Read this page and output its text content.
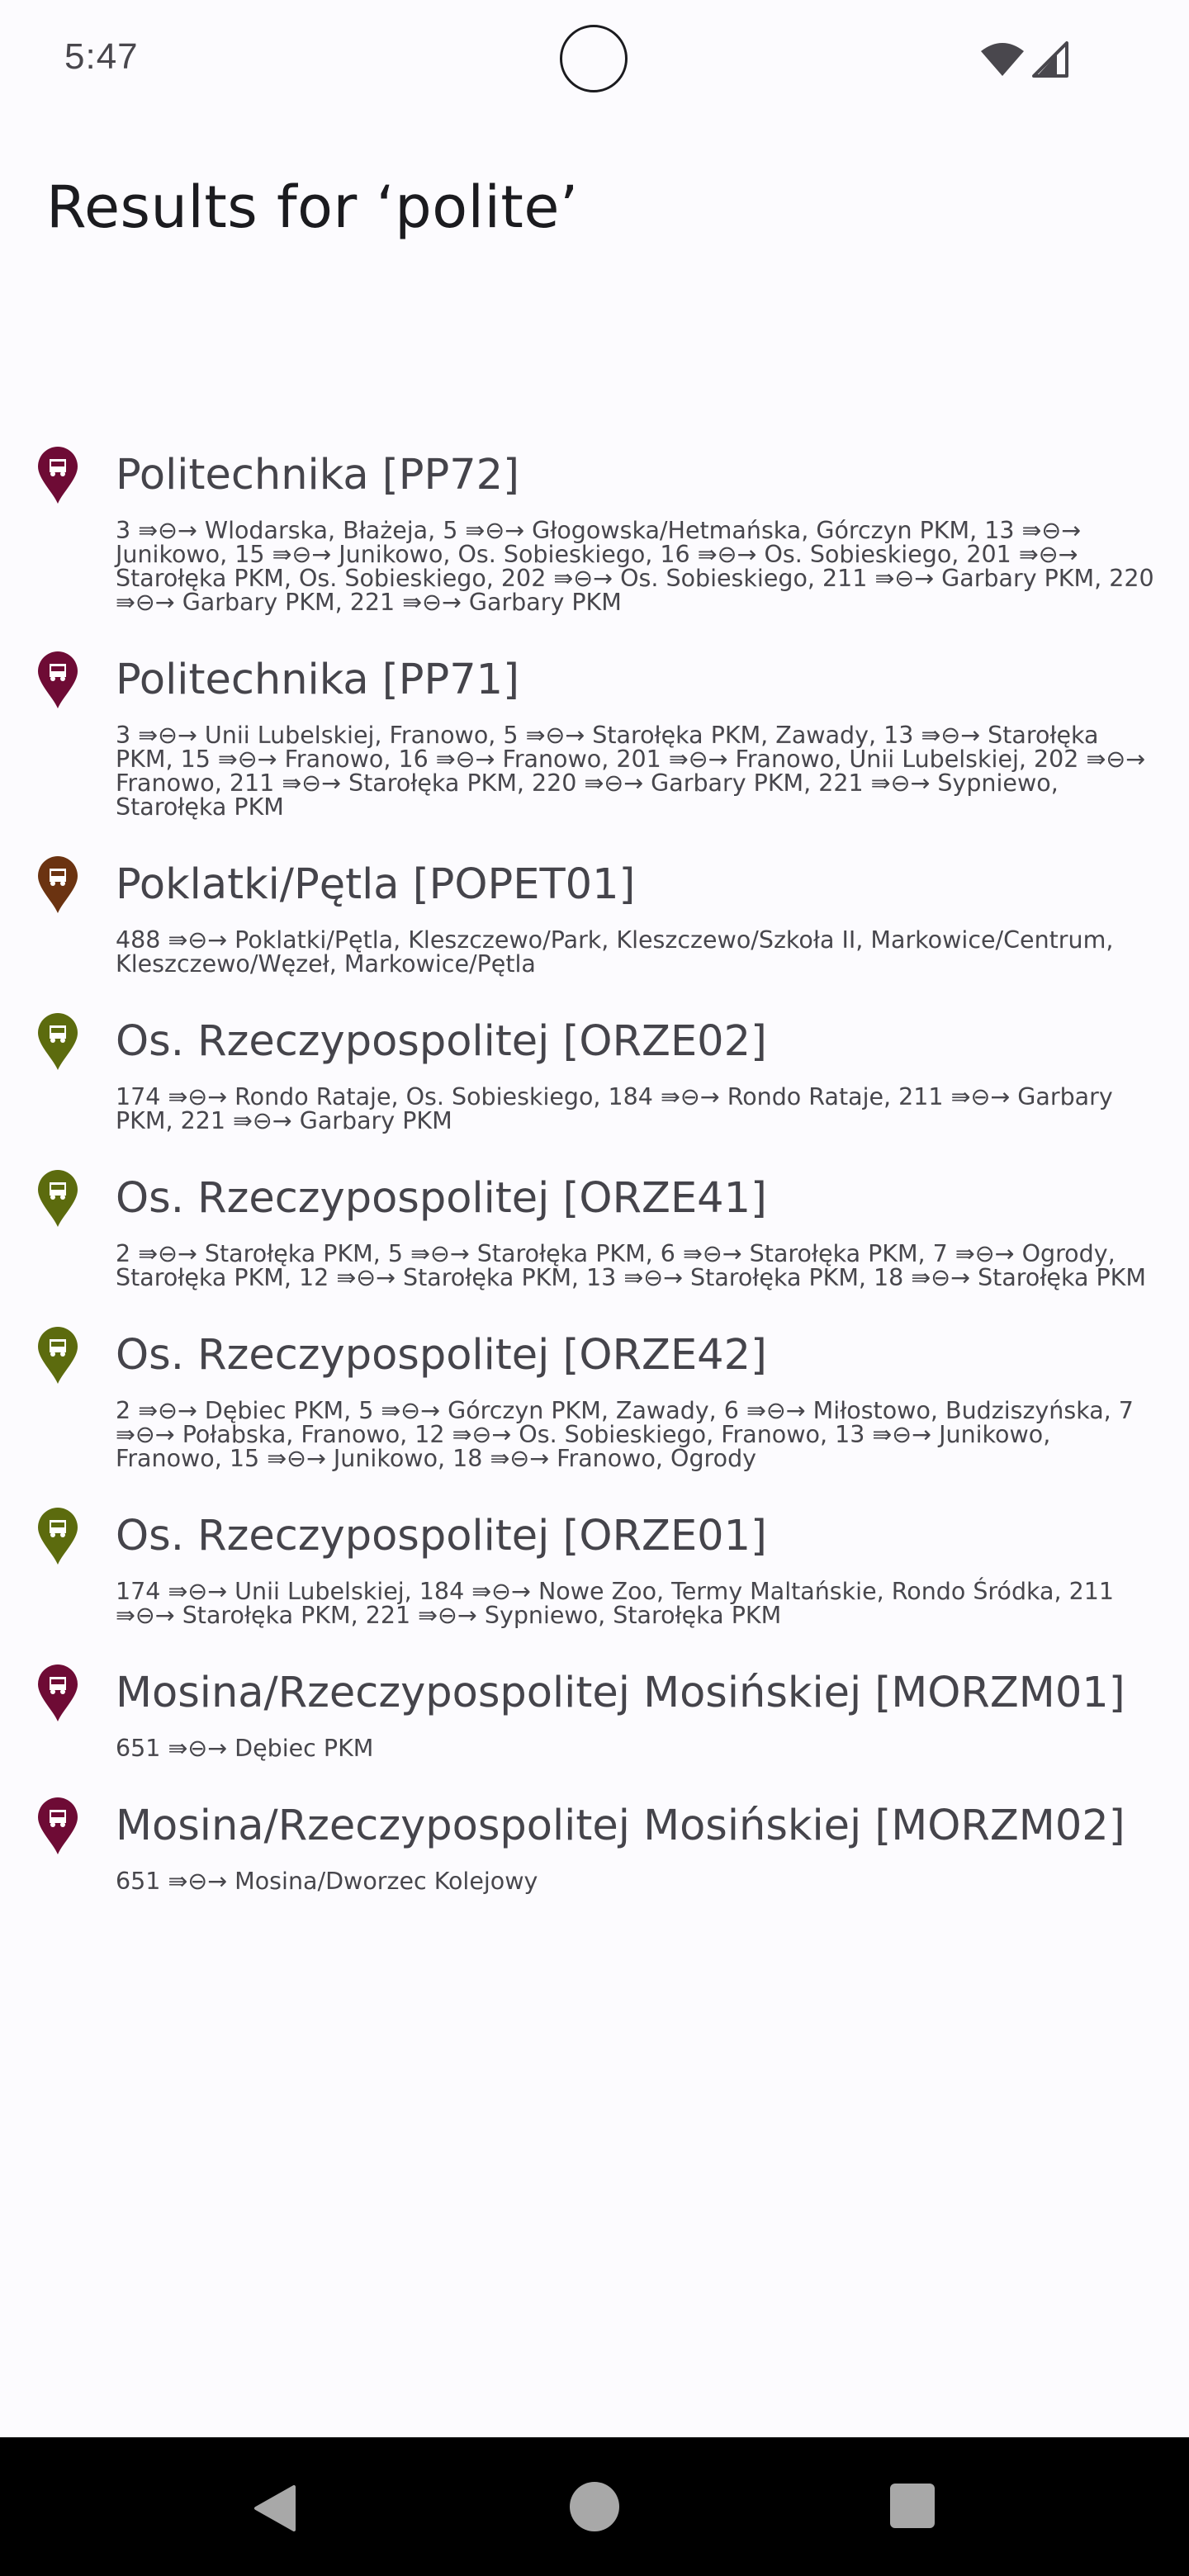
5:47
Results for ‘polite’
Politechnika [PP72]

3 ⇛⊖→ Wlodarska, Błażeja, 5 ⇛⊖→ Głogowska/Hetmańska, Górczyn PKM, 13 ⇛⊖→ Junikowo, 15 ⇛⊖→ Junikowo, Os. Sobieskiego, 16 ⇛⊖→ Os. Sobieskiego, 201 ⇛⊖→ Starołęka PKM, Os. Sobieskiego, 202 ⇛⊖→ Os. Sobieskiego, 211 ⇛⊖→ Garbary PKM, 220 ⇛⊖→ Garbary PKM, 221 ⇛⊖→ Garbary PKM

Politechnika [PP71]

3 ⇛⊖→ Unii Lubelskiej, Franowo, 5 ⇛⊖→ Starołęka PKM, Zawady, 13 ⇛⊖→ Starołęka PKM, 15 ⇛⊖→ Franowo, 16 ⇛⊖→ Franowo, 201 ⇛⊖→ Franowo, Unii Lubelskiej, 202 ⇛⊖→ Franowo, 211 ⇛⊖→ Starołęka PKM, 220 ⇛⊖→ Garbary PKM, 221 ⇛⊖→ Sypniewo, Starołęka PKM

Poklatki/Pętla [POPET01]

488 ⇛⊖→ Poklatki/Pętla, Kleszczewo/Park, Kleszczewo/Szkoła II, Markowice/Centrum, Kleszczewo/Węzeł, Markowice/Pętla

Os. Rzeczypospolitej [ORZE02]

174 ⇛⊖→ Rondo Rataje, Os. Sobieskiego, 184 ⇛⊖→ Rondo Rataje, 211 ⇛⊖→ Garbary PKM, 221 ⇛⊖→ Garbary PKM

Os. Rzeczypospolitej [ORZE41]

2 ⇛⊖→ Starołęka PKM, 5 ⇛⊖→ Starołęka PKM, 6 ⇛⊖→ Starołęka PKM, 7 ⇛⊖→ Ogrody, Starołęka PKM, 12 ⇛⊖→ Starołęka PKM, 13 ⇛⊖→ Starołęka PKM, 18 ⇛⊖→ Starołęka PKM

Os. Rzeczypospolitej [ORZE42]

2 ⇛⊖→ Dębiec PKM, 5 ⇛⊖→ Górczyn PKM, Zawady, 6 ⇛⊖→ Miłostowo, Budziszyńska, 7 ⇛⊖→ Połabska, Franowo, 12 ⇛⊖→ Os. Sobieskiego, Franowo, 13 ⇛⊖→ Junikowo, Franowo, 15 ⇛⊖→ Junikowo, 18 ⇛⊖→ Franowo, Ogrody

Os. Rzeczypospolitej [ORZE01]

174 ⇛⊖→ Unii Lubelskiej, 184 ⇛⊖→ Nowe Zoo, Termy Maltańskie, Rondo Śródka, 211 ⇛⊖→ Starołęka PKM, 221 ⇛⊖→ Sypniewo, Starołęka PKM

Mosina/Rzeczypospolitej Mosińskiej [MORZM01]

651 ⇛⊖→ Dębiec PKM

Mosina/Rzeczypospolitej Mosińskiej [MORZM02]

651 ⇛⊖→ Mosina/Dworzec Kolejowy
